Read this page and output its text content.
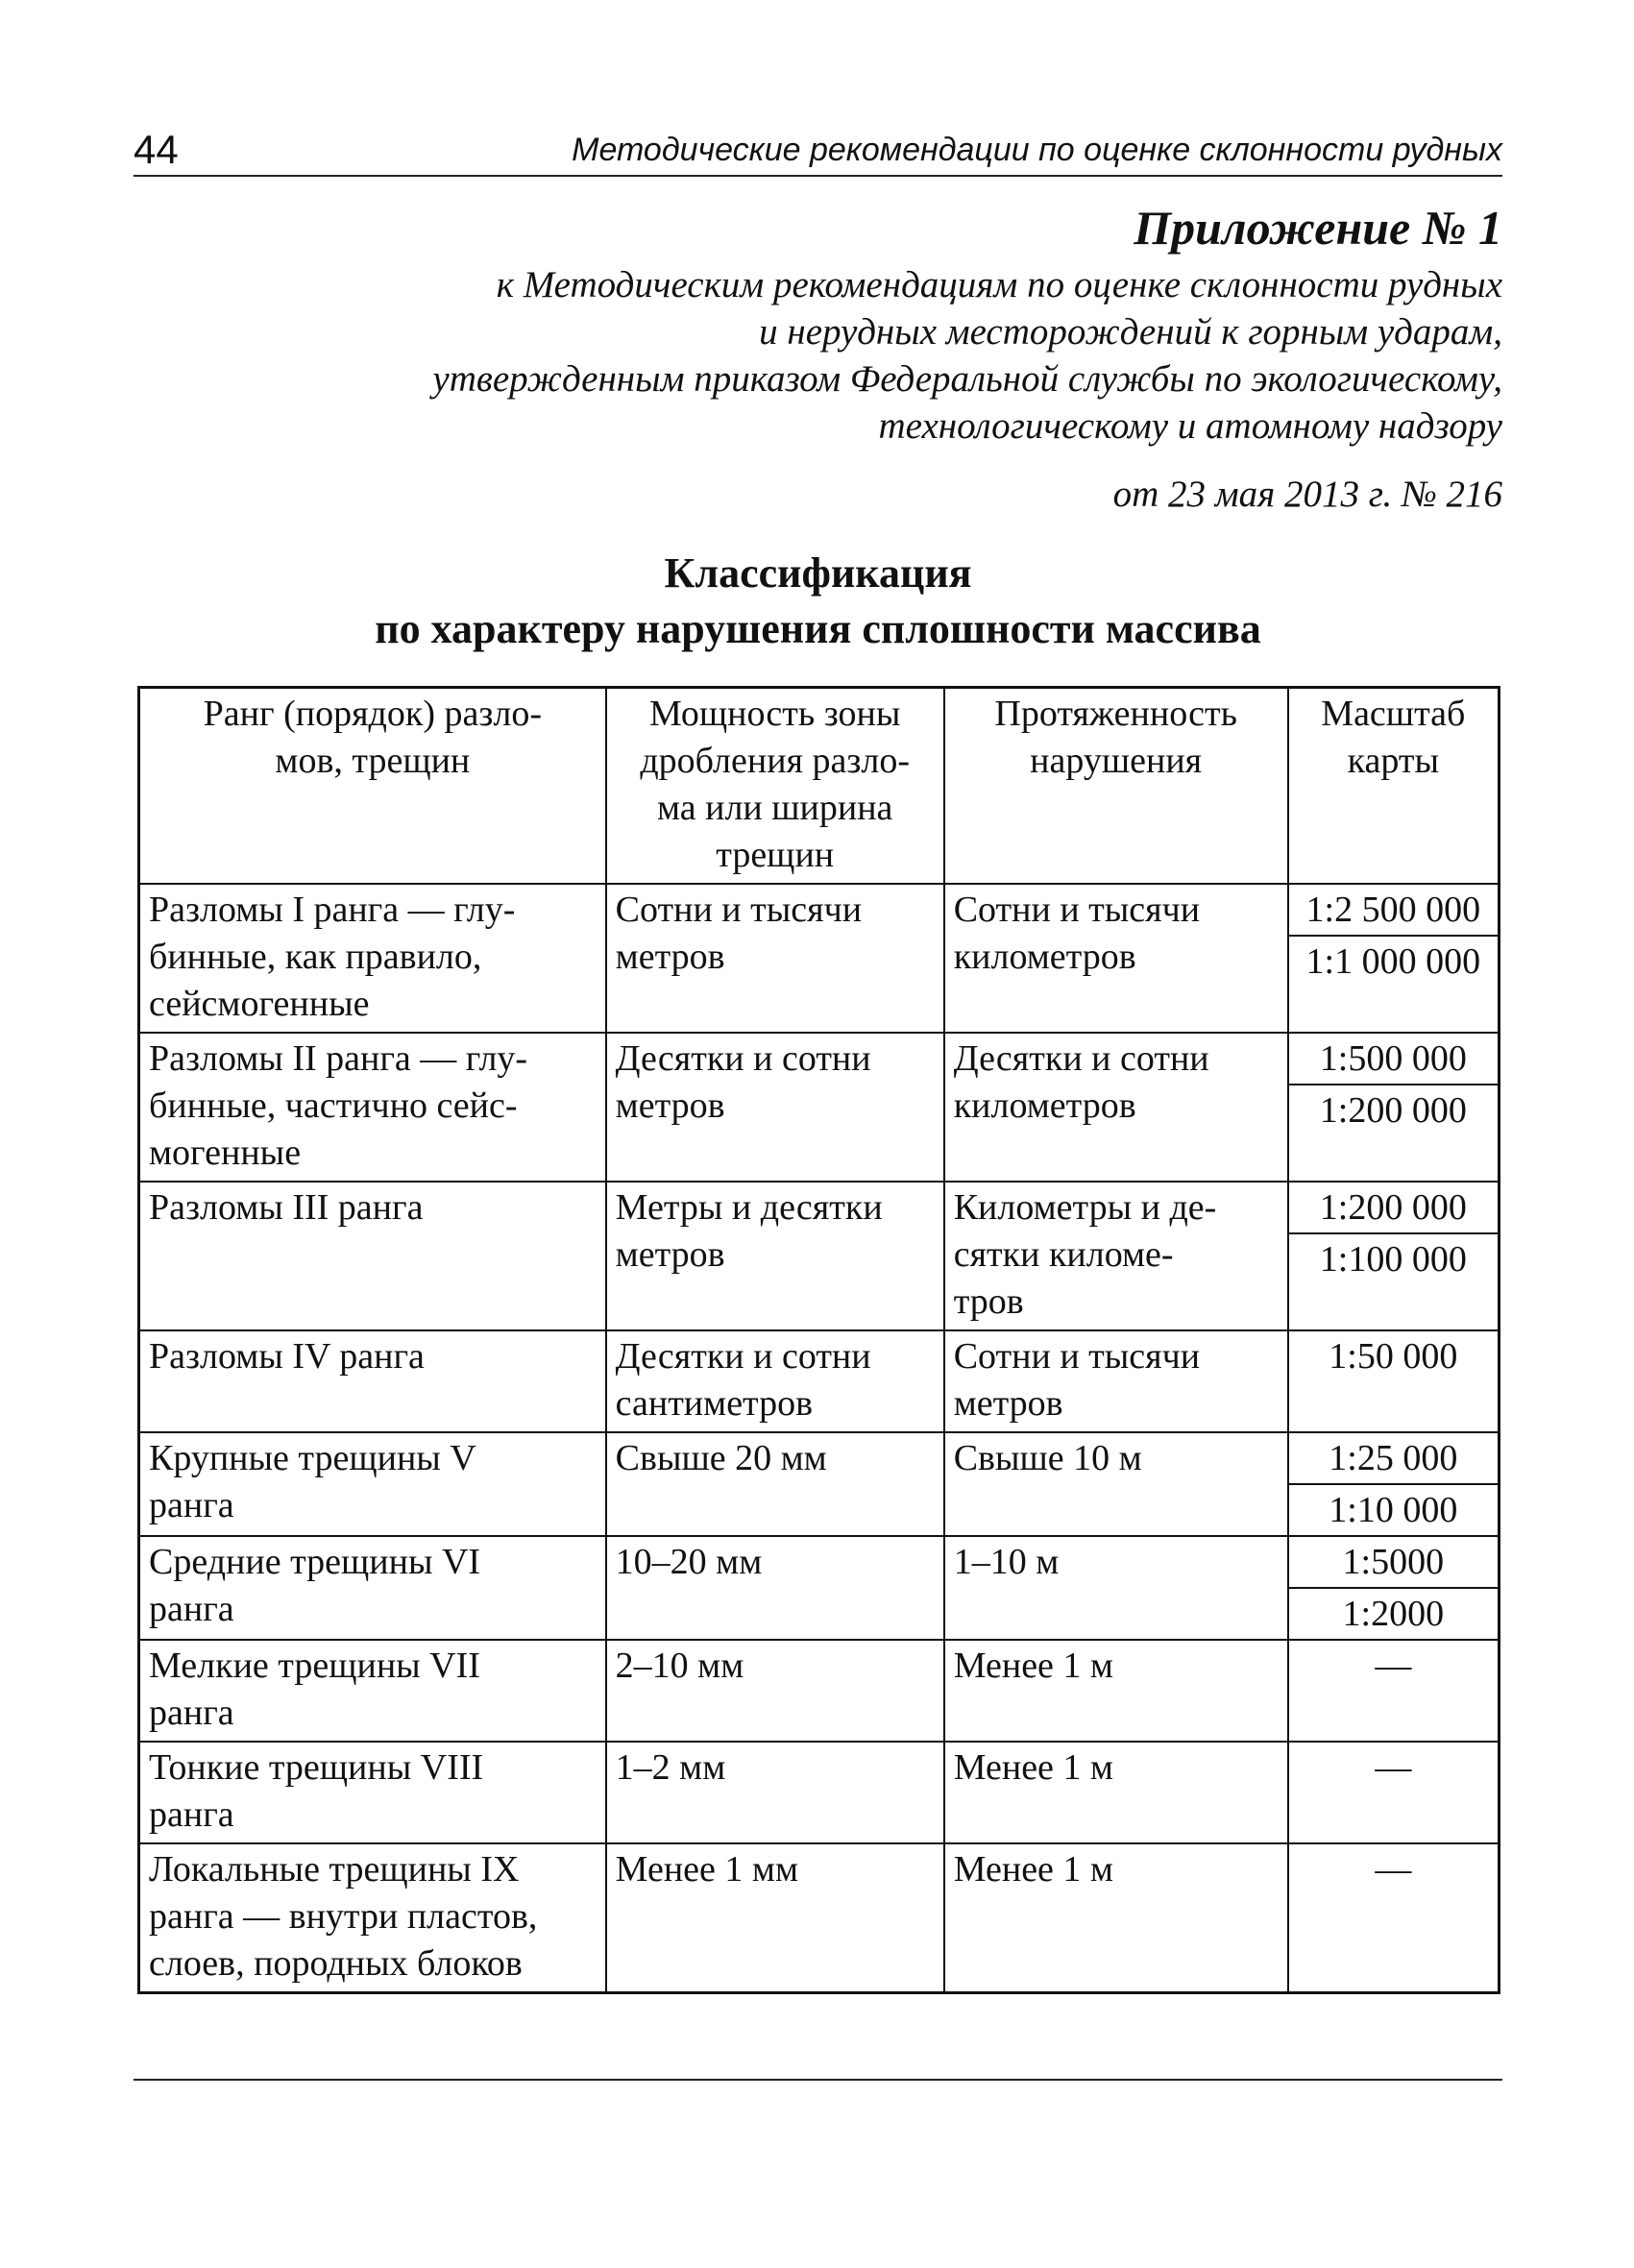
44	Методические рекомендации по оценке склонности рудных
Приложение № 1
к Методическим рекомендациям по оценке склонности рудных
и нерудных месторождений к горным ударам,
утвержденным приказом Федеральной службы по экологическому,
технологическому и атомному надзору
от 23 мая 2013 г. № 216
Классификация
по характеру нарушения сплошности массива
Ранг (порядок) разло-
мов, трещин	Мощность зоны
дробления разло-
ма или ширина
трещин	Протяженность
нарушения	Масштаб
карты
Разломы I ранга — глу-
бинные, как правило,
сейсмогенные	Сотни и тысячи
метров	Сотни и тысячи
километров	1:2 500 000
1:1 000 000

Разломы II ранга — глу-
бинные, частично сейс-
могенные	Десятки и сотни
метров	Десятки и сотни
километров	1:500 000
1:200 000

Разломы III ранга	Метры и десятки
метров	Километры и де-
сятки киломе-
тров	1:200 000
1:100 000

Разломы IV ранга	Десятки и сотни
сантиметров	Сотни и тысячи
метров	1:50 000

Крупные трещины V
ранга	Свыше 20 мм	Свыше 10 м	1:25 000
1:10 000

Средние трещины VI
ранга	10–20 мм	1–10 м	1:5000
1:2000

Мелкие трещины VII
ранга	2–10 мм	Менее 1 м	—

Тонкие трещины VIII
ранга	1–2 мм	Менее 1 м	—

Локальные трещины IX
ранга — внутри пластов,
слоев, породных блоков	Менее 1 мм	Менее 1 м	—
